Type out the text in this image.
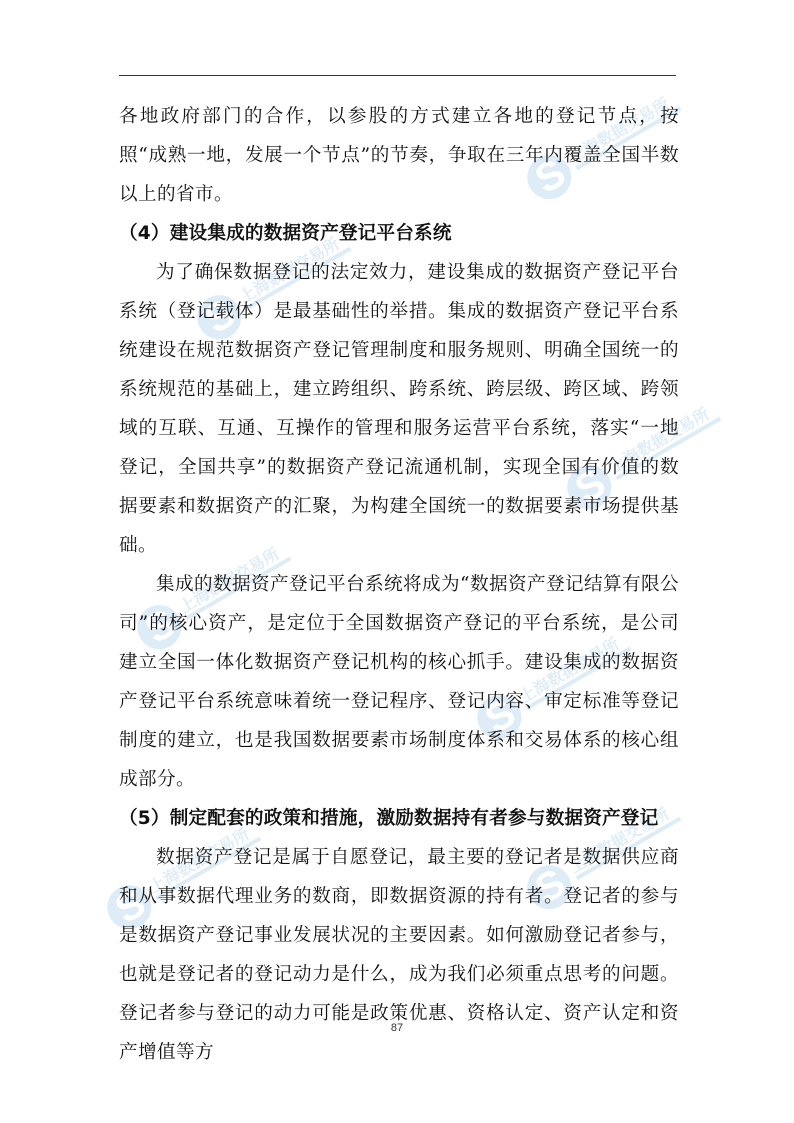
S
上海数据交易所
S
上海数据交易所
S
上海数据交易所
S
上海数据交易所
S
上海数据交易所
S
上海数据交易所
S	上海数据交易所

各地政府部门的合作，以参股的方式建立各地的登记节点，按照“成熟一地，发展一个节点”的节奏，争取在三年内覆盖全国半数以上的省市。

（4）建设集成的数据资产登记平台系统

为了确保数据登记的法定效力，建设集成的数据资产登记平台系统（登记载体）是最基础性的举措。集成的数据资产登记平台系统建设在规范数据资产登记管理制度和服务规则、明确全国统一的系统规范的基础上，建立跨组织、跨系统、跨层级、跨区域、跨领域的互联、互通、互操作的管理和服务运营平台系统，落实“一地登记，全国共享”的数据资产登记流通机制，实现全国有价值的数据要素和数据资产的汇聚，为构建全国统一的数据要素市场提供基础。

集成的数据资产登记平台系统将成为“数据资产登记结算有限公司”的核心资产，是定位于全国数据资产登记的平台系统，是公司建立全国一体化数据资产登记机构的核心抓手。建设集成的数据资产登记平台系统意味着统一登记程序、登记内容、审定标准等登记制度的建立，也是我国数据要素市场制度体系和交易体系的核心组成部分。

（5）制定配套的政策和措施，激励数据持有者参与数据资产登记

数据资产登记是属于自愿登记，最主要的登记者是数据供应商和从事数据代理业务的数商，即数据资源的持有者。登记者的参与是数据资产登记事业发展状况的主要因素。如何激励登记者参与，也就是登记者的登记动力是什么，成为我们必须重点思考的问题。登记者参与登记的动力可能是政策优惠、资格认定、资产认定和资产增值等方

87
